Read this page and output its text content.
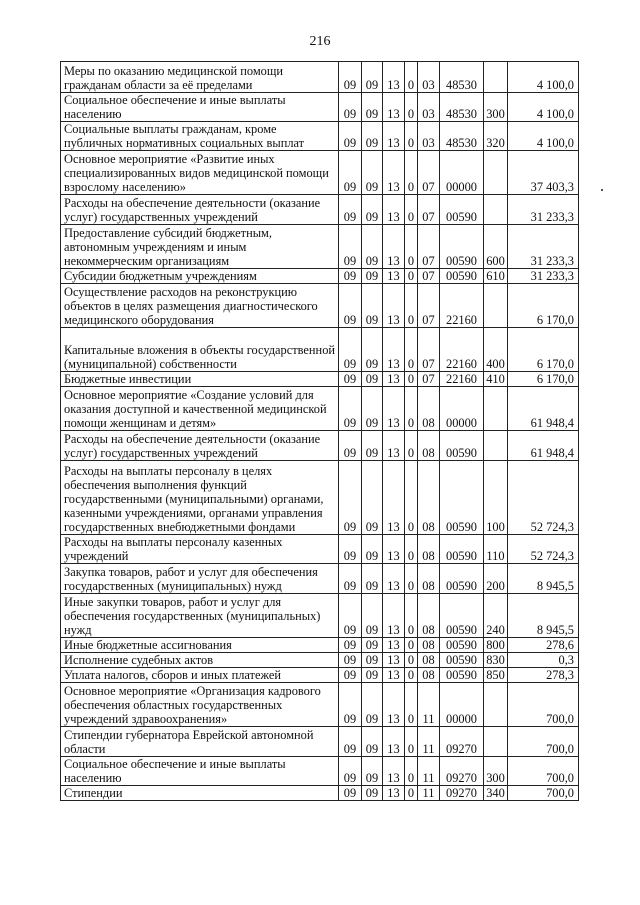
216
Меры по оказанию медицинской помощи гражданам области за её пределами	09	09	13	0	03	48530		4 100,0
Социальное обеспечение и иные выплаты населению	09	09	13	0	03	48530	300	4 100,0
Социальные выплаты гражданам, кроме публичных нормативных социальных выплат	09	09	13	0	03	48530	320	4 100,0
Основное мероприятие «Развитие иных специализированных видов медицинской помощи взрослому населению»	09	09	13	0	07	00000		37 403,3
Расходы на обеспечение деятельности (оказание услуг) государственных учреждений	09	09	13	0	07	00590		31 233,3
Предоставление субсидий бюджетным, автономным учреждениям и иным некоммерческим организациям	09	09	13	0	07	00590	600	31 233,3
Субсидии бюджетным учреждениям	09	09	13	0	07	00590	610	31 233,3
Осуществление расходов на реконструкцию объектов в целях размещения диагностического медицинского оборудования	09	09	13	0	07	22160		6 170,0
Капитальные вложения в объекты государственной (муниципальной) собственности	09	09	13	0	07	22160	400	6 170,0
Бюджетные инвестиции	09	09	13	0	07	22160	410	6 170,0
Основное мероприятие «Создание условий для оказания доступной и качественной медицинской помощи женщинам и детям»	09	09	13	0	08	00000		61 948,4
Расходы на обеспечение деятельности (оказание услуг) государственных учреждений	09	09	13	0	08	00590		61 948,4
Расходы на выплаты персоналу в целях обеспечения выполнения функций государственными (муниципальными) органами, казенными учреждениями, органами управления государственных внебюджетными фондами	09	09	13	0	08	00590	100	52 724,3
Расходы на выплаты персоналу казенных учреждений	09	09	13	0	08	00590	110	52 724,3
Закупка товаров, работ и услуг для обеспечения государственных (муниципальных) нужд	09	09	13	0	08	00590	200	8 945,5
Иные закупки товаров, работ и услуг для обеспечения государственных (муниципальных) нужд	09	09	13	0	08	00590	240	8 945,5
Иные бюджетные ассигнования	09	09	13	0	08	00590	800	278,6
Исполнение судебных актов	09	09	13	0	08	00590	830	0,3
Уплата налогов, сборов и иных платежей	09	09	13	0	08	00590	850	278,3
Основное мероприятие «Организация кадрового обеспечения областных государственных учреждений здравоохранения»	09	09	13	0	11	00000		700,0
Стипендии губернатора Еврейской автономной области	09	09	13	0	11	09270		700,0
Социальное обеспечение и иные выплаты населению	09	09	13	0	11	09270	300	700,0
Стипендии	09	09	13	0	11	09270	340	700,0
